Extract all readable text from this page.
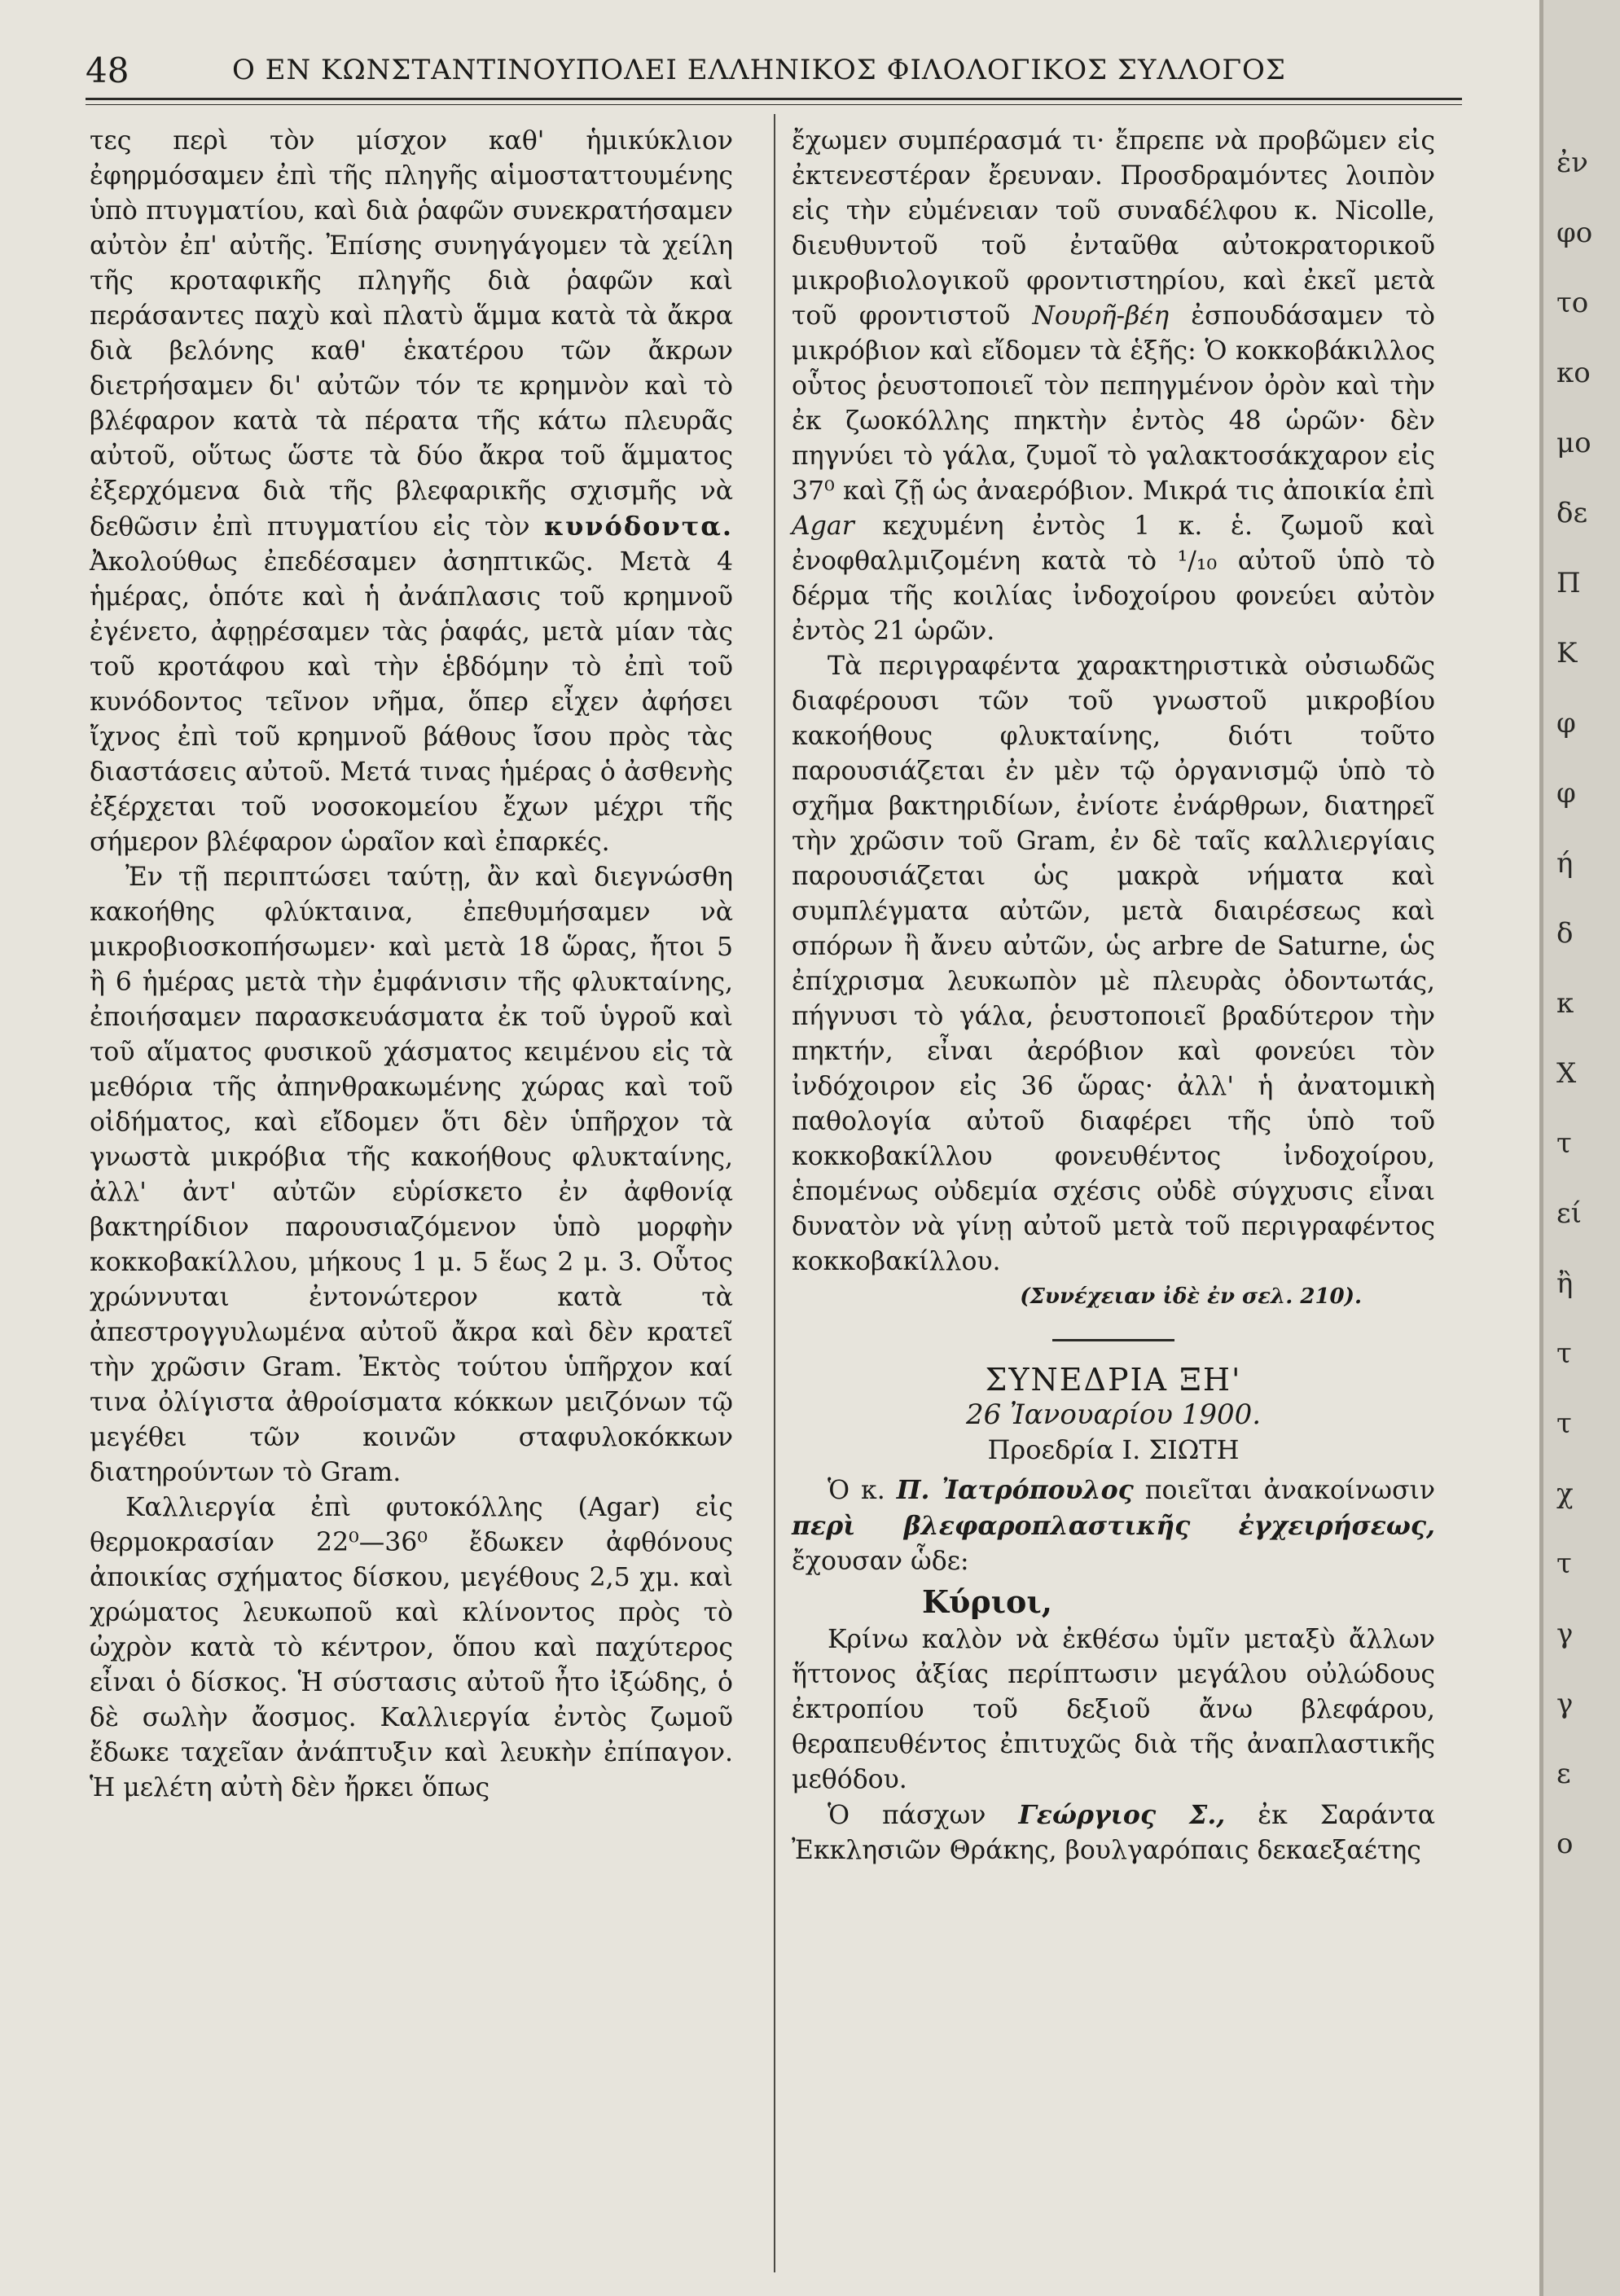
48	Ο ΕΝ ΚΩΝΣΤΑΝΤΙΝΟΥΠΟΛΕΙ ΕΛΛΗΝΙΚΟΣ ΦΙΛΟΛΟΓΙΚΟΣ ΣΥΛΛΟΓΟΣ

τες περὶ τὸν μίσχον καθ' ἡμικύκλιον ἐφηρμόσαμεν ἐπὶ τῆς πληγῆς αἱμοσταττουμένης ὑπὸ πτυγματίου, καὶ διὰ ῥαφῶν συνεκρατήσαμεν αὐτὸν ἐπ' αὐτῆς. Ἐπίσης συνηγάγομεν τὰ χείλη τῆς κροταφικῆς πληγῆς διὰ ῥαφῶν καὶ περάσαντες παχὺ καὶ πλατὺ ἅμμα κατὰ τὰ ἄκρα διὰ βελόνης καθ' ἑκατέρου τῶν ἄκρων διετρήσαμεν δι' αὐτῶν τόν τε κρημνὸν καὶ τὸ βλέφαρον κατὰ τὰ πέρατα τῆς κάτω πλευρᾶς αὐτοῦ, οὕτως ὥστε τὰ δύο ἄκρα τοῦ ἅμματος ἐξερχόμενα διὰ τῆς βλεφαρικῆς σχισμῆς νὰ δεθῶσιν ἐπὶ πτυγματίου εἰς τὸν κυνόδοντα. Ἀκολούθως ἐπεδέσαμεν ἀσηπτικῶς. Μετὰ 4 ἡμέρας, ὁπότε καὶ ἡ ἀνάπλασις τοῦ κρημνοῦ ἐγένετο, ἀφῃρέσαμεν τὰς ῥαφάς, μετὰ μίαν τὰς τοῦ κροτάφου καὶ τὴν ἑβδόμην τὸ ἐπὶ τοῦ κυνόδοντος τεῖνον νῆμα, ὅπερ εἶχεν ἀφήσει ἴχνος ἐπὶ τοῦ κρημνοῦ βάθους ἴσου πρὸς τὰς διαστάσεις αὐτοῦ. Μετά τινας ἡμέρας ὁ ἀσθενὴς ἐξέρχεται τοῦ νοσοκομείου ἔχων μέχρι τῆς σήμερον βλέφαρον ὡραῖον καὶ ἐπαρκές.

Ἐν τῇ περιπτώσει ταύτῃ, ἂν καὶ διεγνώσθη κακοήθης φλύκταινα, ἐπεθυμήσαμεν νὰ μικροβιοσκοπήσωμεν· καὶ μετὰ 18 ὥρας, ἤτοι 5 ἢ 6 ἡμέρας μετὰ τὴν ἐμφάνισιν τῆς φλυκταίνης, ἐποιήσαμεν παρασκευάσματα ἐκ τοῦ ὑγροῦ καὶ τοῦ αἵματος φυσικοῦ χάσματος κειμένου εἰς τὰ μεθόρια τῆς ἀπηνθρακωμένης χώρας καὶ τοῦ οἰδήματος, καὶ εἴδομεν ὅτι δὲν ὑπῆρχον τὰ γνωστὰ μικρόβια τῆς κακοήθους φλυκταίνης, ἀλλ' ἀντ' αὐτῶν εὑρίσκετο ἐν ἀφθονίᾳ βακτηρίδιον παρουσιαζόμενον ὑπὸ μορφὴν κοκκοβακίλλου, μήκους 1 μ. 5 ἕως 2 μ. 3. Οὗτος χρώννυται ἐντονώτερον κατὰ τὰ ἀπεστρογγυλωμένα αὐτοῦ ἄκρα καὶ δὲν κρατεῖ τὴν χρῶσιν Gram. Ἐκτὸς τούτου ὑπῆρχον καί τινα ὀλίγιστα ἀθροίσματα κόκκων μειζόνων τῷ μεγέθει τῶν κοινῶν σταφυλοκόκκων διατηρούντων τὸ Gram.

Καλλιεργία ἐπὶ φυτοκόλλης (Agar) εἰς θερμοκρασίαν 22⁰—36⁰ ἔδωκεν ἀφθόνους ἀποικίας σχήματος δίσκου, μεγέθους 2,5 χμ. καὶ χρώματος λευκωποῦ καὶ κλίνοντος πρὸς τὸ ὠχρὸν κατὰ τὸ κέντρον, ὅπου καὶ παχύτερος εἶναι ὁ δίσκος. Ἡ σύστασις αὐτοῦ ἦτο ἰξώδης, ὁ δὲ σωλὴν ἄοσμος. Καλλιεργία ἐντὸς ζωμοῦ ἔδωκε ταχεῖαν ἀνάπτυξιν καὶ λευκὴν ἐπίπαγον. Ἡ μελέτη αὐτὴ δὲν ἤρκει ὅπως

ἔχωμεν συμπέρασμά τι· ἔπρεπε νὰ προβῶμεν εἰς ἐκτενεστέραν ἔρευναν. Προσδραμόντες λοιπὸν εἰς τὴν εὐμένειαν τοῦ συναδέλφου κ. Nicolle, διευθυντοῦ τοῦ ἐνταῦθα αὐτοκρατορικοῦ μικροβιολογικοῦ φροντιστηρίου, καὶ ἐκεῖ μετὰ τοῦ φροντιστοῦ Νουρῆ-βέη ἐσπουδάσαμεν τὸ μικρόβιον καὶ εἴδομεν τὰ ἑξῆς: Ὁ κοκκοβάκιλλος οὗτος ῥευστοποιεῖ τὸν πεπηγμένον ὀρὸν καὶ τὴν ἐκ ζωοκόλλης πηκτὴν ἐντὸς 48 ὡρῶν· δὲν πηγνύει τὸ γάλα, ζυμοῖ τὸ γαλακτοσάκχαρον εἰς 37⁰ καὶ ζῇ ὡς ἀναερόβιον. Μικρά τις ἀποικία ἐπὶ Agar κεχυμένη ἐντὸς 1 κ. ἑ. ζωμοῦ καὶ ἐνοφθαλμιζομένη κατὰ τὸ ¹/₁₀ αὐτοῦ ὑπὸ τὸ δέρμα τῆς κοιλίας ἰνδοχοίρου φονεύει αὐτὸν ἐντὸς 21 ὡρῶν.

Τὰ περιγραφέντα χαρακτηριστικὰ οὐσιωδῶς διαφέρουσι τῶν τοῦ γνωστοῦ μικροβίου κακοήθους φλυκταίνης, διότι τοῦτο παρουσιάζεται ἐν μὲν τῷ ὀργανισμῷ ὑπὸ τὸ σχῆμα βακτηριδίων, ἐνίοτε ἐνάρθρων, διατηρεῖ τὴν χρῶσιν τοῦ Gram, ἐν δὲ ταῖς καλλιεργίαις παρουσιάζεται ὡς μακρὰ νήματα καὶ συμπλέγματα αὐτῶν, μετὰ διαιρέσεως καὶ σπόρων ἢ ἄνευ αὐτῶν, ὡς arbre de Saturne, ὡς ἐπίχρισμα λευκωπὸν μὲ πλευρὰς ὀδοντωτάς, πήγνυσι τὸ γάλα, ῥευστοποιεῖ βραδύτερον τὴν πηκτήν, εἶναι ἀερόβιον καὶ φονεύει τὸν ἰνδόχοιρον εἰς 36 ὥρας· ἀλλ' ἡ ἀνατομικὴ παθολογία αὐτοῦ διαφέρει τῆς ὑπὸ τοῦ κοκκοβακίλλου φονευθέντος ἰνδοχοίρου, ἑπομένως οὐδεμία σχέσις οὐδὲ σύγχυσις εἶναι δυνατὸν νὰ γίνῃ αὐτοῦ μετὰ τοῦ περιγραφέντος κοκκοβακίλλου.

(Συνέχειαν ἰδὲ ἐν σελ. 210).

ΣΥΝΕΔΡΙΑ ΞΗ'
26 Ἰανουαρίου 1900.
Προεδρία Ι. ΣΙΩΤΗ

Ὁ κ. Π. Ἰατρόπουλος ποιεῖται ἀνακοίνωσιν περὶ βλεφαροπλαστικῆς ἐγχειρήσεως, ἔχουσαν ὧδε:

Κύριοι,

Κρίνω καλὸν νὰ ἐκθέσω ὑμῖν μεταξὺ ἄλλων ἥττονος ἀξίας περίπτωσιν μεγάλου οὐλώδους ἐκτροπίου τοῦ δεξιοῦ ἄνω βλεφάρου, θεραπευθέντος ἐπιτυχῶς διὰ τῆς ἀναπλαστικῆς μεθόδου.

Ὁ πάσχων Γεώργιος Σ., ἐκ Σαράντα Ἐκκλησιῶν Θράκης, βουλγαρόπαις δεκαεξαέτης

ἐν
φο
το
κο
μο
δε
Π
Κ
φ
φ
ή
δ
κ
Χ
τ
εί
ἢ
τ
τ
χ
τ
γ
γ
ε
ο
